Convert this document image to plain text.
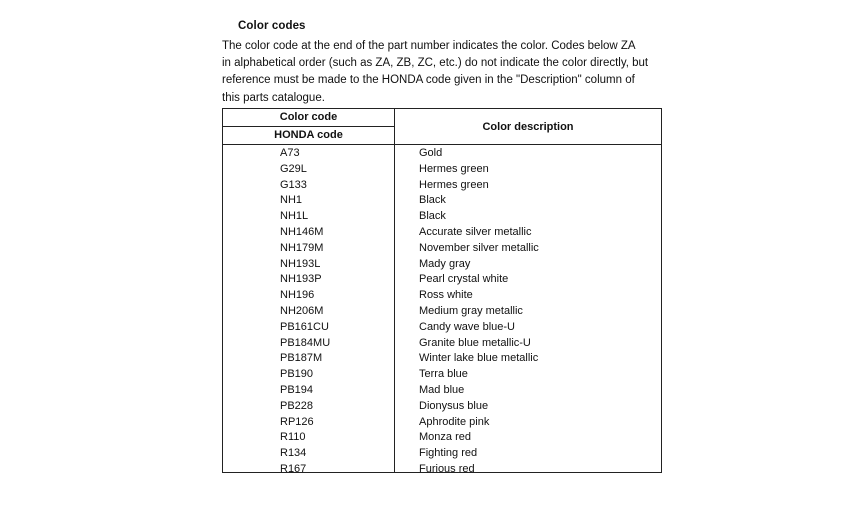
Color codes
The color code at the end of the part number indicates the color. Codes below ZA
in alphabetical order (such as ZA, ZB, ZC, etc.) do not indicate the color directly, but
reference must be made to the HONDA code given in the "Description" column of
this parts catalogue.
Color code
HONDA code
Color description
A73	Gold
G29L	Hermes green
G133	Hermes green
NH1	Black
NH1L	Black
NH146M	Accurate silver metallic
NH179M	November silver metallic
NH193L	Mady gray
NH193P	Pearl crystal white
NH196	Ross white
NH206M	Medium gray metallic
PB161CU	Candy wave blue-U
PB184MU	Granite blue metallic-U
PB187M	Winter lake blue metallic
PB190	Terra blue
PB194	Mad blue
PB228	Dionysus blue
RP126	Aphrodite pink
R110	Monza red
R134	Fighting red
R167	Furious red
